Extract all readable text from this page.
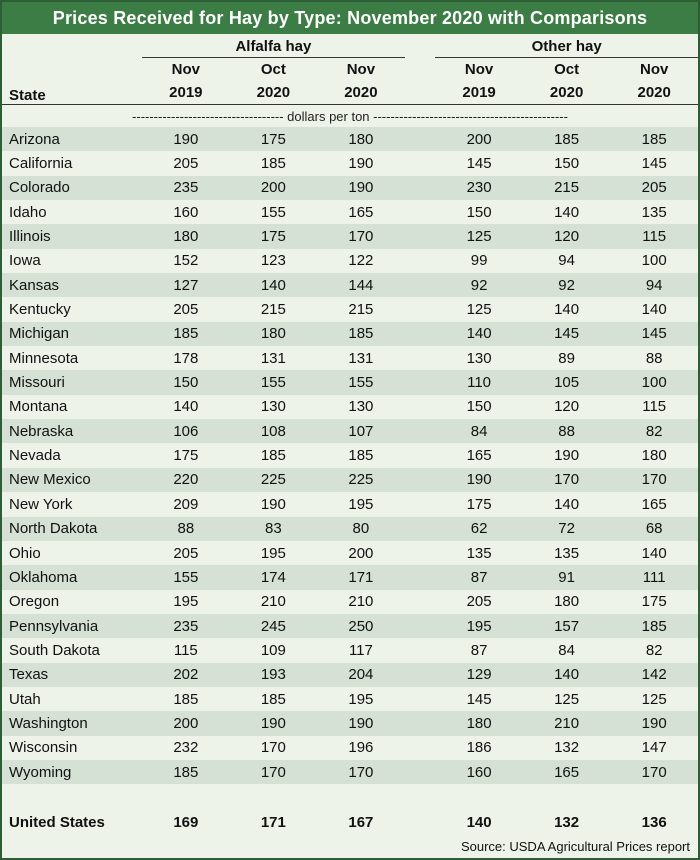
Prices Received for Hay by Type: November 2020 with Comparisons
	Alfalfa hay				Other hay		
	Nov	Oct	Nov		Nov	Oct	Nov
State	2019	2020	2020		2019	2020	2020
----------------------------------- dollars per ton ---------------------------------------------							
Arizona	190	175	180		200	185	185
California	205	185	190		145	150	145
Colorado	235	200	190		230	215	205
Idaho	160	155	165		150	140	135
Illinois	180	175	170		125	120	115
Iowa	152	123	122		99	94	100
Kansas	127	140	144		92	92	94
Kentucky	205	215	215		125	140	140
Michigan	185	180	185		140	145	145
Minnesota	178	131	131		130	89	88
Missouri	150	155	155		110	105	100
Montana	140	130	130		150	120	115
Nebraska	106	108	107		84	88	82
Nevada	175	185	185		165	190	180
New Mexico	220	225	225		190	170	170
New York	209	190	195		175	140	165
North Dakota	88	83	80		62	72	68
Ohio	205	195	200		135	135	140
Oklahoma	155	174	171		87	91	111
Oregon	195	210	210		205	180	175
Pennsylvania	235	245	250		195	157	185
South Dakota	115	109	117		87	84	82
Texas	202	193	204		129	140	142
Utah	185	185	195		145	125	125
Washington	200	190	190		180	210	190
Wisconsin	232	170	196		186	132	147
Wyoming	185	170	170		160	165	170

United States	169	171	167		140	132	136
Source: USDA Agricultural Prices report
